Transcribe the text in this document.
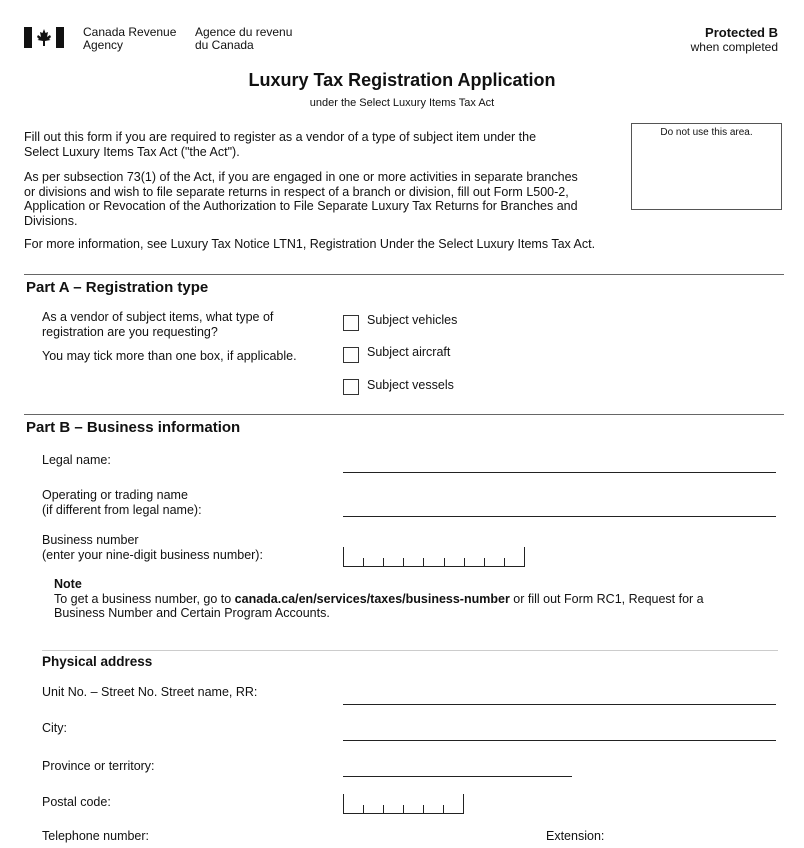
Canada Revenue
Agency
Agence du revenu
du Canada
Protected B
when completed
Luxury Tax Registration Application
under the Select Luxury Items Tax Act
Do not use this area.
Fill out this form if you are required to register as a vendor of a type of subject item under the
Select Luxury Items Tax Act ("the Act").
As per subsection 73(1) of the Act, if you are engaged in one or more activities in separate branches
or divisions and wish to file separate returns in respect of a branch or division, fill out Form L500-2,
Application or Revocation of the Authorization to File Separate Luxury Tax Returns for Branches and
Divisions.
For more information, see Luxury Tax Notice LTN1, Registration Under the Select Luxury Items Tax Act.
Part A – Registration type
As a vendor of subject items, what type of
registration are you requesting?
You may tick more than one box, if applicable.
Subject vehicles
Subject aircraft
Subject vessels
Part B – Business information
Legal name:
Operating or trading name
(if different from legal name):
Business number
(enter your nine-digit business number):
Note
To get a business number, go to canada.ca/en/services/taxes/business-number or fill out Form RC1, Request for a
Business Number and Certain Program Accounts.
Physical address
Unit No. – Street No. Street name, RR:
City:
Province or territory:
Postal code:
Telephone number:	Extension:
